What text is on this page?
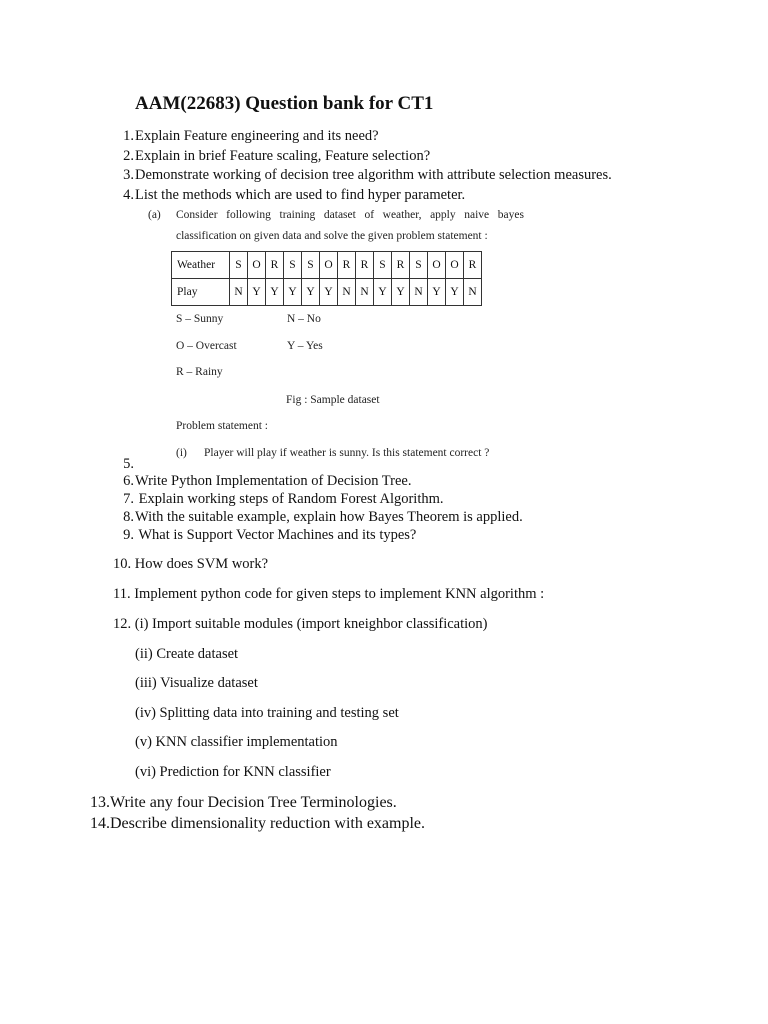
AAM(22683) Question bank for CT1
1. Explain Feature engineering and its need?
2. Explain in brief Feature scaling, Feature selection?
3. Demonstrate working of decision tree algorithm with attribute selection measures.
4. List the methods which are used to find hyper parameter.
(a) Consider   following   training   dataset   of   weather,   apply   naive   bayes
classification on given data and solve the given problem statement :
Weather	S	O	R	S	S	O	R	R	S	R	S	O	O	R
Play	N	Y	Y	Y	Y	Y	N	N	Y	Y	N	Y	Y	N
S – Sunny	N – No
O – Overcast	Y – Yes
R – Rainy
Fig : Sample dataset
Problem statement :
(i) Player will play if weather is sunny. Is this statement correct ?
5.
6. Write Python Implementation of Decision Tree.
7. Explain working steps of Random Forest Algorithm.
8. With the suitable example, explain how Bayes Theorem is applied.
9. What is Support Vector Machines and its types?
10. How does SVM work?
11. Implement python code for given steps to implement KNN algorithm :
12. (i) Import suitable modules (import kneighbor classification)
(ii) Create dataset
(iii) Visualize dataset
(iv) Splitting data into training and testing set
(v) KNN classifier implementation
(vi) Prediction for KNN classifier
13.Write any four Decision Tree Terminologies.
14.Describe dimensionality reduction with example.
